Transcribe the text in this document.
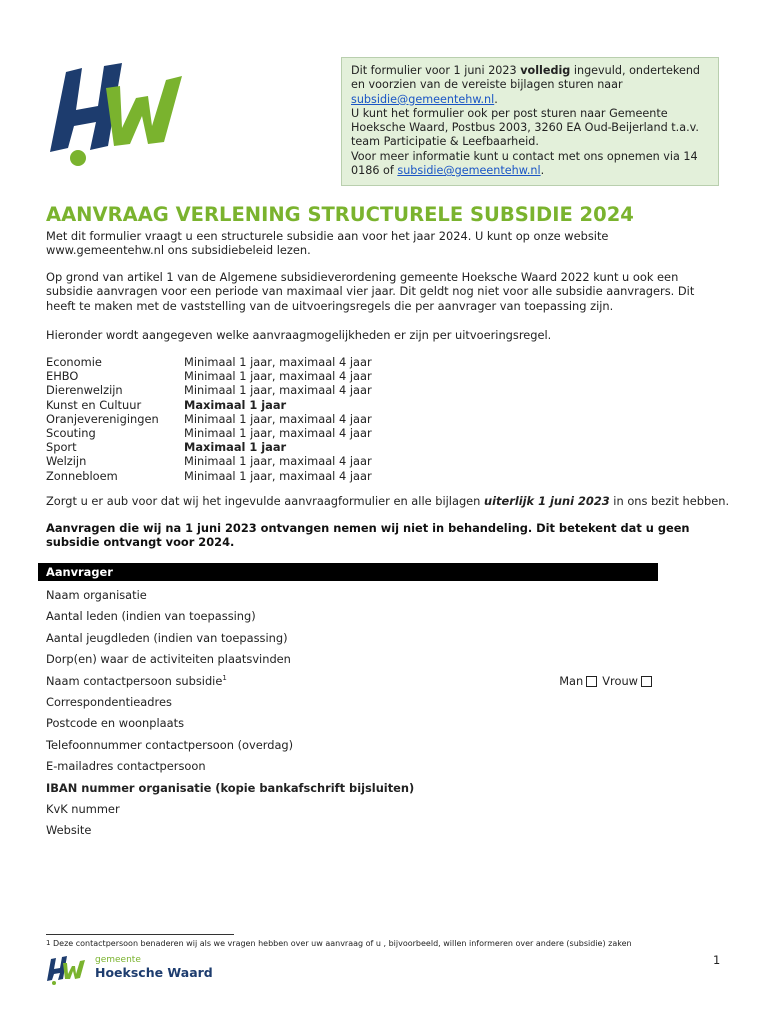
Dit formulier voor 1 juni 2023 volledig ingevuld, ondertekend en voorzien van de vereiste bijlagen sturen naar
subsidie@gemeentehw.nl.

U kunt het formulier ook per post sturen naar Gemeente Hoeksche Waard, Postbus 2003, 3260 EA Oud-Beijerland t.a.v. team Participatie & Leefbaarheid.

Voor meer informatie kunt u contact met ons opnemen via 14 0186 of subsidie@gemeentehw.nl.

AANVRAAG VERLENING STRUCTURELE SUBSIDIE 2024

Met dit formulier vraagt u een structurele subsidie aan voor het jaar 2024. U kunt op onze website www.gemeentehw.nl ons subsidiebeleid lezen.

Op grond van artikel 1 van de Algemene subsidieverordening gemeente Hoeksche Waard 2022 kunt u ook een subsidie aanvragen voor een periode van maximaal vier jaar. Dit geldt nog niet voor alle subsidie aanvragers. Dit heeft te maken met de vaststelling van de uitvoeringsregels die per aanvrager van toepassing zijn.

Hieronder wordt aangegeven welke aanvraagmogelijkheden er zijn per uitvoeringsregel.

Economie	Minimaal 1 jaar, maximaal 4 jaar
EHBO	Minimaal 1 jaar, maximaal 4 jaar
Dierenwelzijn	Minimaal 1 jaar, maximaal 4 jaar
Kunst en Cultuur	Maximaal 1 jaar
Oranjeverenigingen Minimaal 1 jaar, maximaal 4 jaar
Scouting	Minimaal 1 jaar, maximaal 4 jaar
Sport	Maximaal 1 jaar
Welzijn	Minimaal 1 jaar, maximaal 4 jaar
Zonnebloem	Minimaal 1 jaar, maximaal 4 jaar
Zorgt u er aub voor dat wij het ingevulde aanvraagformulier en alle bijlagen uiterlijk 1 juni 2023 in ons bezit hebben.

Aanvragen die wij na 1 juni 2023 ontvangen nemen wij niet in behandeling. Dit betekent dat u geen subsidie ontvangt voor 2024.

Aanvrager
Naam organisatie
Aantal leden (indien van toepassing)
Aantal jeugdleden (indien van toepassing)
Dorp(en) waar de activiteiten plaatsvinden
Naam contactpersoon subsidie$^1$	Man Vrouw
Correspondentieadres
Postcode en woonplaats
Telefoonnummer contactpersoon (overdag)
E-mailadres contactpersoon
IBAN nummer organisatie (kopie bankafschrift bijsluiten)
KvK nummer
Website
$^1$ Deze contactpersoon benaderen wij als we vragen hebben over uw aanvraag of u , bijvoorbeeld, willen informeren over andere (subsidie) zaken
gemeente
Hoeksche Waard
1
